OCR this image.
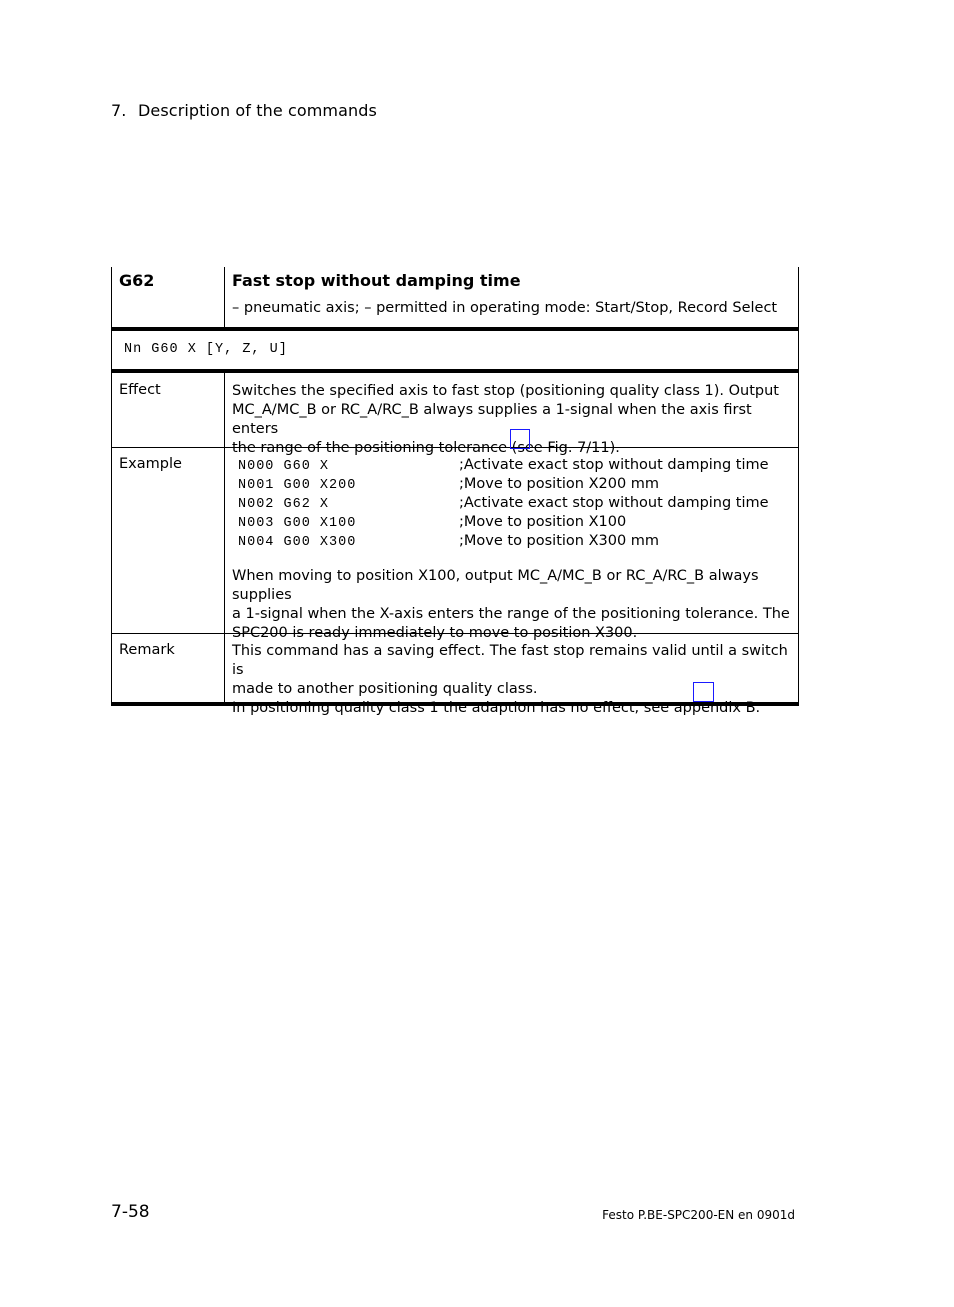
7. Description of the commands
G62	Fast stop without damping time
– pneumatic axis; – permitted in operating mode: Start/Stop, Record Select
Nn G60 X [Y, Z, U]
Effect	Switches the specified axis to fast stop (positioning quality class 1). Output
MC_A/MC_B or RC_A/RC_B always supplies a 1-signal when the axis first enters
the range of the positioning tolerance (see Fig. 7/11).
Example	N000 G60 X	;Activate exact stop without damping time
N001 G00 X200	;Move to position X200 mm
N002 G62 X	;Activate exact stop without damping time
N003 G00 X100	;Move to position X100
N004 G00 X300	;Move to position X300 mm
When moving to position X100, output MC_A/MC_B or RC_A/RC_B always supplies
a 1-signal when the X-axis enters the range of the positioning tolerance. The
SPC200 is ready immediately to move to position X300.
Remark	This command has a saving effect. The fast stop remains valid until a switch is
made to another positioning quality class.
In positioning quality class 1 the adaption has no effect, see appendix B.
7-58	Festo P.BE-SPC200-EN en 0901d
